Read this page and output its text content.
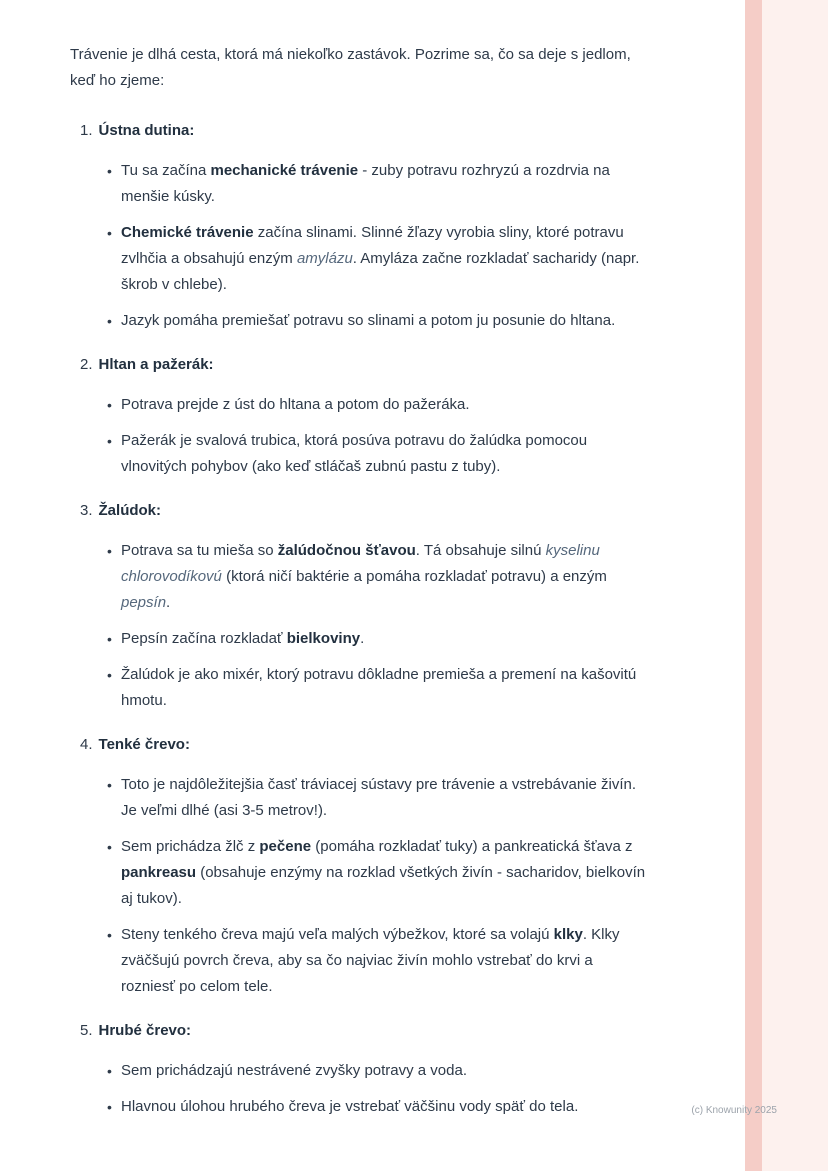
Trávenie je dlhá cesta, ktorá má niekoľko zastávok. Pozrime sa, čo sa deje s jedlom, keď ho zjeme:

1. Ústna dutina:
• Tu sa začína mechanické trávenie - zuby potravu rozhryzú a rozdrvia na menšie kúsky.
• Chemické trávenie začína slinami. Slinné žľazy vyrobia sliny, ktoré potravu zvlhčia a obsahujú enzým amylázu. Amyláza začne rozkladať sacharidy (napr. škrob v chlebe).
• Jazyk pomáha premiešať potravu so slinami a potom ju posunie do hltana.
2. Hltan a pažerák:
• Potrava prejde z úst do hltana a potom do pažeráka.
• Pažerák je svalová trubica, ktorá posúva potravu do žalúdka pomocou vlnovitých pohybov (ako keď stláčaš zubnú pastu z tuby).
3. Žalúdok:
• Potrava sa tu mieša so žalúdočnou šťavou. Tá obsahuje silnú kyselinu chlorovodíkovú (ktorá ničí baktérie a pomáha rozkladať potravu) a enzým pepsín.
• Pepsín začína rozkladať bielkoviny.
• Žalúdok je ako mixér, ktorý potravu dôkladne premieša a premení na kašovitú hmotu.
4. Tenké črevo:
• Toto je najdôležitejšia časť tráviacej sústavy pre trávenie a vstrebávanie živín. Je veľmi dlhé (asi 3-5 metrov!).
• Sem prichádza žlč z pečene (pomáha rozkladať tuky) a pankreatická šťava z pankreasu (obsahuje enzýmy na rozklad všetkých živín - sacharidov, bielkovín aj tukov).
• Steny tenkého čreva majú veľa malých výbežkov, ktoré sa volajú klky. Klky zväčšujú povrch čreva, aby sa čo najviac živín mohlo vstrebať do krvi a rozniesť po celom tele.
5. Hrubé črevo:
• Sem prichádzajú nestrávené zvyšky potravy a voda.
• Hlavnou úlohou hrubého čreva je vstrebať väčšinu vody späť do tela.	(c) Knowunity 2025
